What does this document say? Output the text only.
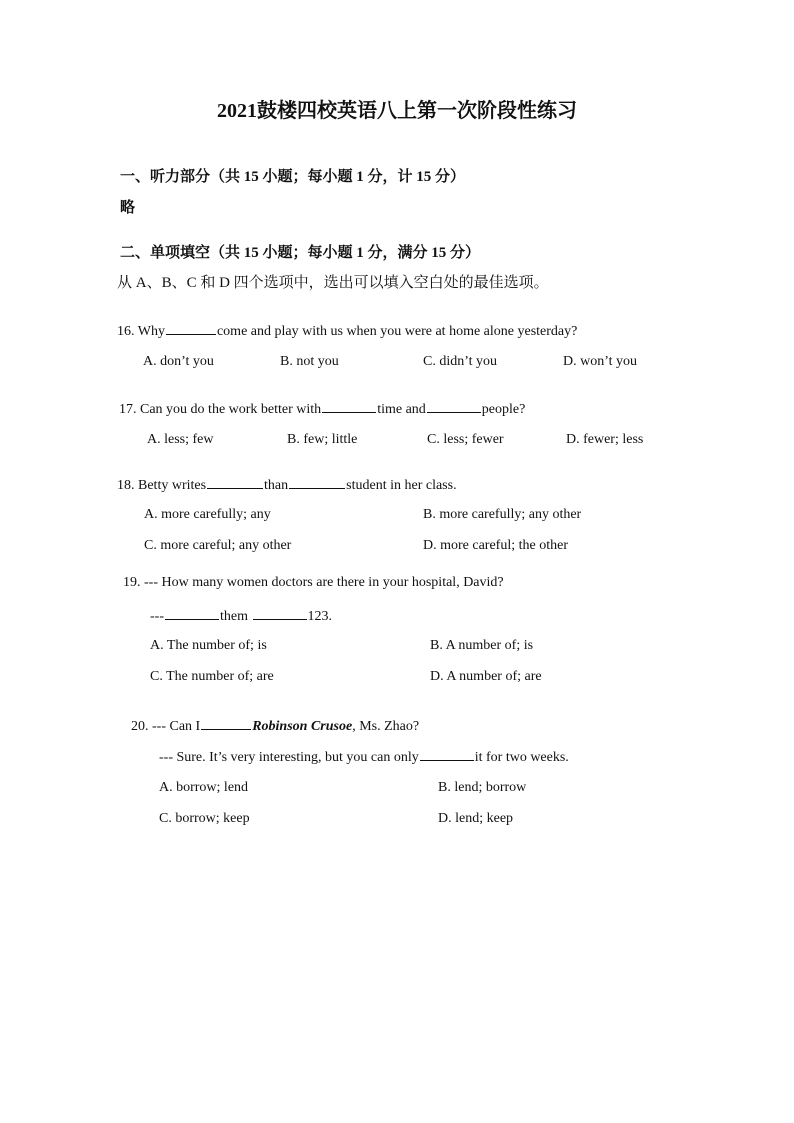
2021鼓楼四校英语八上第一次阶段性练习
一、听力部分（共 15 小题；每小题 1 分，计 15 分）
略
二、单项填空（共 15 小题；每小题 1 分，满分 15 分）
从 A、B、C 和 D 四个选项中，选出可以填入空白处的最佳选项。
16. Why	come and play with us when you were at home alone yesterday?
A. don’t you	B. not you	C. didn’t you	D. won’t you
17. Can you do the work better with	time and	people?
A. less; few	B. few; little	C. less; fewer	D. fewer; less
18. Betty writes	than	student in her class.
A. more carefully; any	B. more carefully; any other
C. more careful; any other	D. more careful; the other
19. --- How many women doctors are there in your hospital, David?
---	them	123.
A. The number of; is	B. A number of; is
C. The number of; are	D. A number of; are
20. --- Can I	Robinson Crusoe, Ms. Zhao?
--- Sure. It’s very interesting, but you can only	it for two weeks.
A. borrow; lend	B. lend; borrow
C. borrow; keep	D. lend; keep
